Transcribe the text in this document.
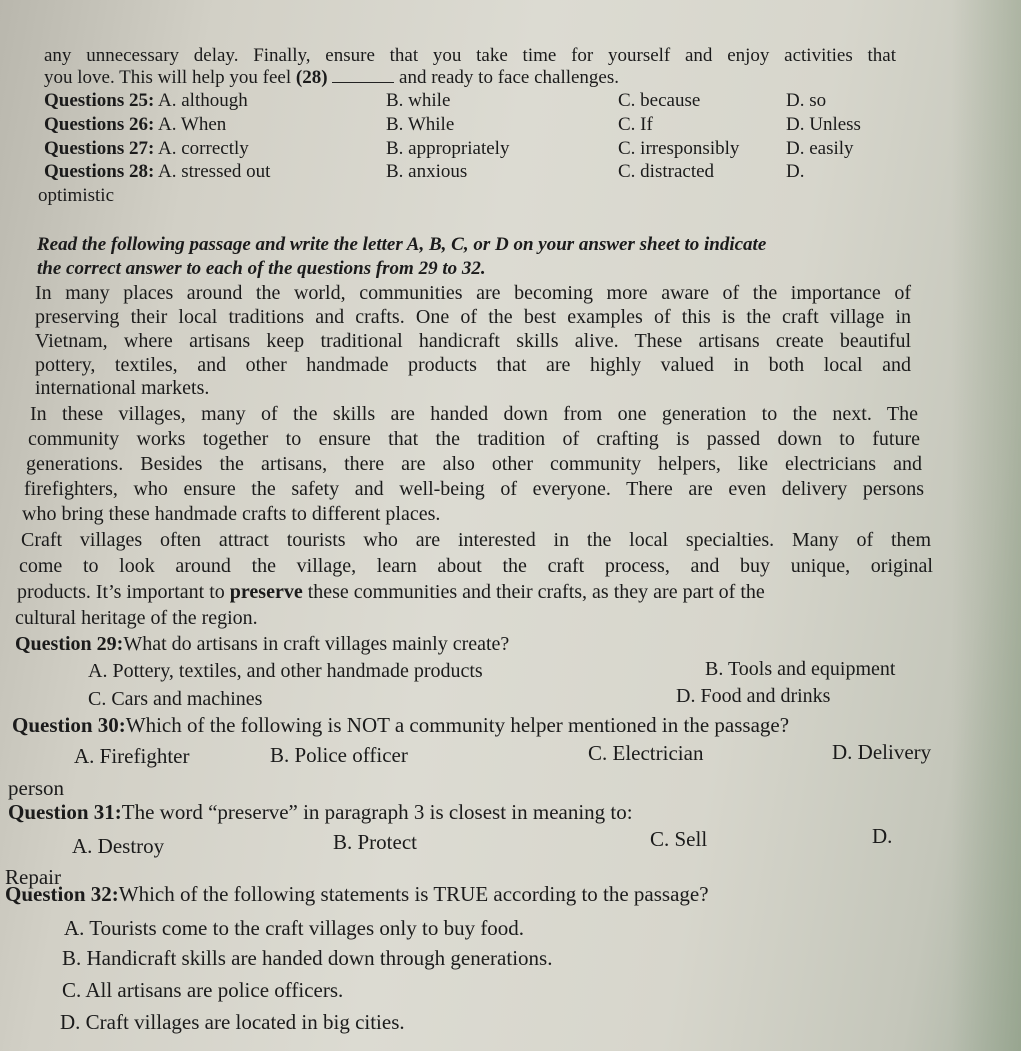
any unnecessary delay. Finally, ensure that you take time for yourself and enjoy activities that
you love. This will help you feel (28)	and ready to face challenges.
Questions 25: A. although	B. while	C. because	D. so
Questions 26: A. When	B. While	C. If	D. Unless
Questions 27: A. correctly	B. appropriately	C. irresponsibly D. easily
Questions 28: A. stressed out	B. anxious	C. distracted	D.
optimistic
Read the following passage and write the letter A, B, C, or D on your answer sheet to indicate
the correct answer to each of the questions from 29 to 32.
In many places around the world, communities are becoming more aware of the importance of
preserving their local traditions and crafts. One of the best examples of this is the craft village in
Vietnam, where artisans keep traditional handicraft skills alive. These artisans create beautiful
pottery, textiles, and other handmade products that are highly valued in both local and
international markets.
In these villages, many of the skills are handed down from one generation to the next. The
community works together to ensure that the tradition of crafting is passed down to future
generations. Besides the artisans, there are also other community helpers, like electricians and
firefighters, who ensure the safety and well-being of everyone. There are even delivery persons
who bring these handmade crafts to different places.
Craft villages often attract tourists who are interested in the local specialties. Many of them
come to look around the village, learn about the craft process, and buy unique, original
products. It’s important to preserve these communities and their crafts, as they are part of the
cultural heritage of the region.
Question 29:What do artisans in craft villages mainly create?
A. Pottery, textiles, and other handmade products	B. Tools and equipment
C. Cars and machines	D. Food and drinks
Question 30:Which of the following is NOT a community helper mentioned in the passage?
A. Firefighter	B. Police officer	C. Electrician	D. Delivery
person
Question 31:The word “preserve” in paragraph 3 is closest in meaning to:
A. Destroy	B. Protect	C. Sell	D.
Repair
Question 32:Which of the following statements is TRUE according to the passage?
A. Tourists come to the craft villages only to buy food.
B. Handicraft skills are handed down through generations.
C. All artisans are police officers.
D. Craft villages are located in big cities.
